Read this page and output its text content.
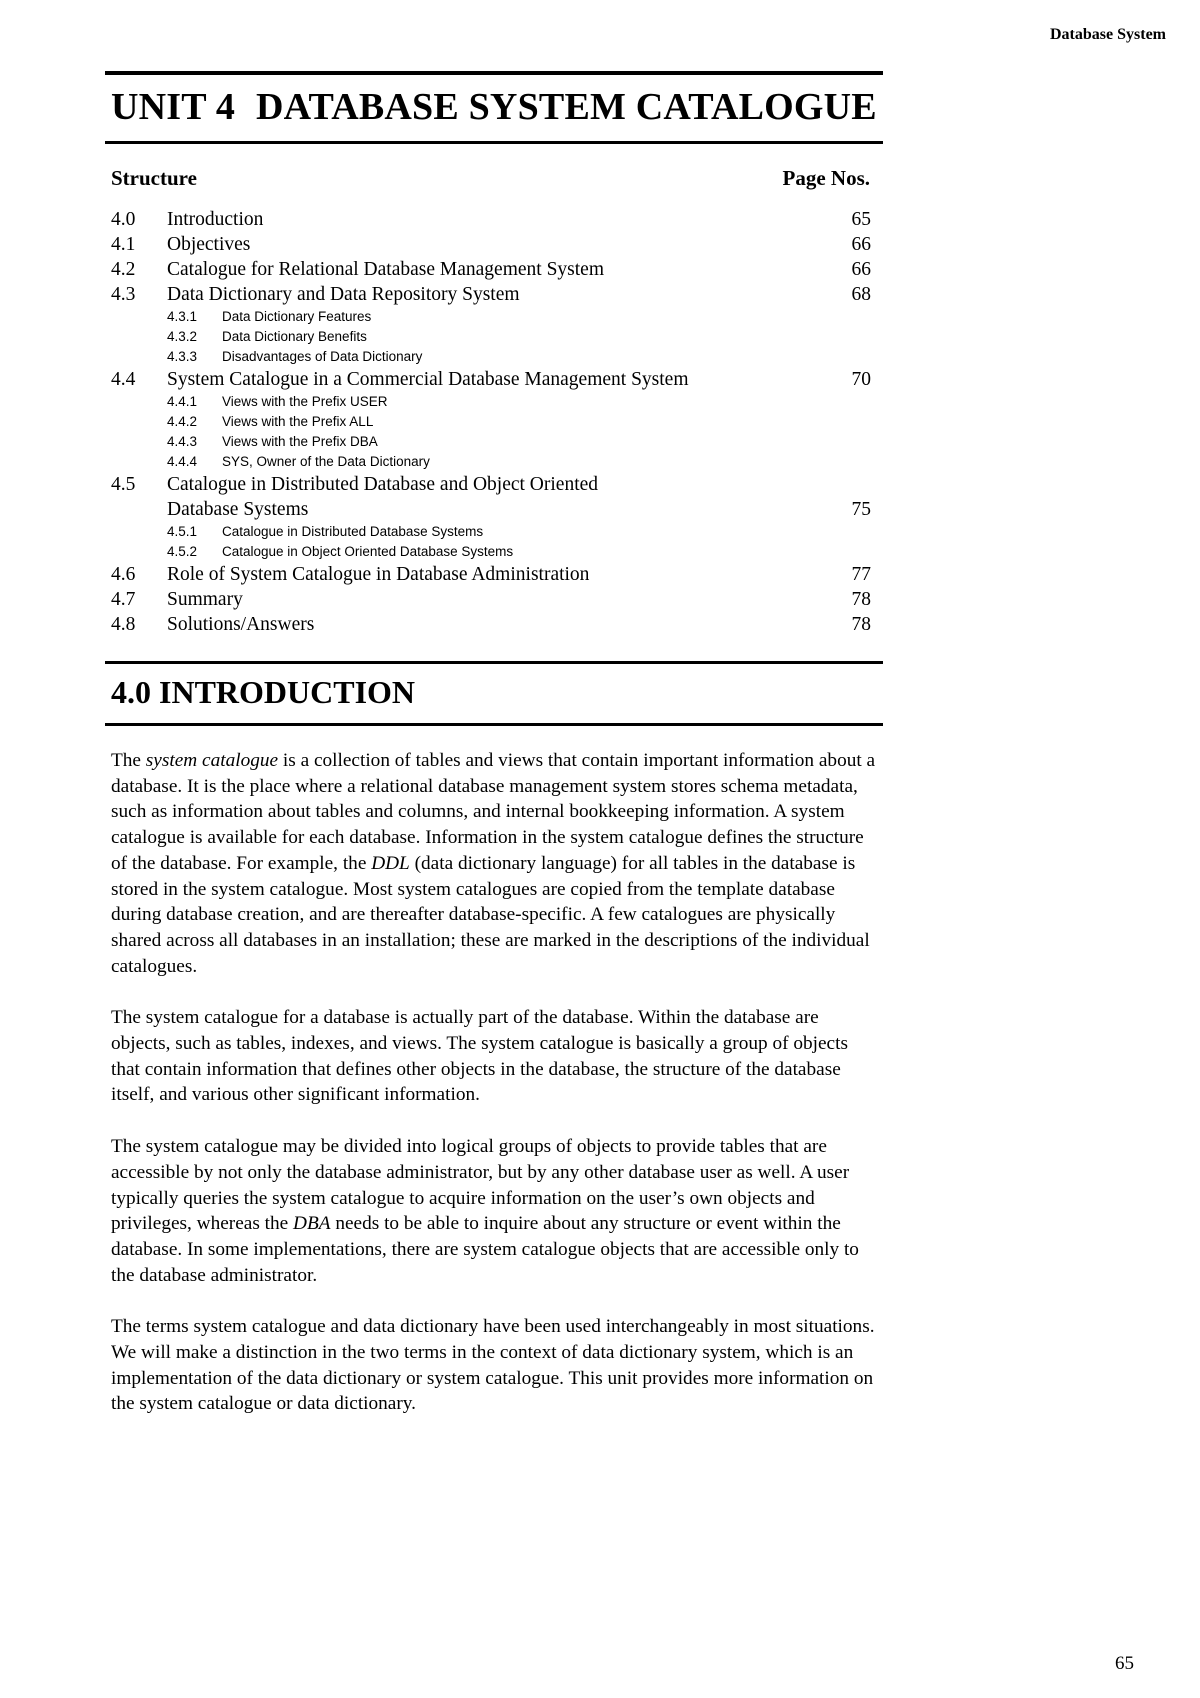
Database System
UNIT 4 DATABASE SYSTEM CATALOGUE
Structure	Page Nos.
4.0	Introduction	65
4.1	Objectives	66
4.2	Catalogue for Relational Database Management System	66
4.3	Data Dictionary and Data Repository System	68
4.3.1	Data Dictionary Features
4.3.2	Data Dictionary Benefits
4.3.3	Disadvantages of Data Dictionary
4.4	System Catalogue in a Commercial Database Management System	70
4.4.1	Views with the Prefix USER
4.4.2	Views with the Prefix ALL
4.4.3	Views with the Prefix DBA
4.4.4	SYS, Owner of the Data Dictionary
4.5	Catalogue in Distributed Database and Object Oriented
Database Systems	75
4.5.1	Catalogue in Distributed Database Systems
4.5.2	Catalogue in Object Oriented Database Systems
4.6	Role of System Catalogue in Database Administration	77
4.7	Summary	78
4.8	Solutions/Answers	78
4.0 INTRODUCTION

The system catalogue is a collection of tables and views that contain important information about a database. It is the place where a relational database management system stores schema metadata, such as information about tables and columns, and internal bookkeeping information. A system catalogue is available for each database. Information in the system catalogue defines the structure of the database. For example, the DDL (data dictionary language) for all tables in the database is stored in the system catalogue. Most system catalogues are copied from the template database during database creation, and are thereafter database-specific. A few catalogues are physically shared across all databases in an installation; these are marked in the descriptions of the individual catalogues.

The system catalogue for a database is actually part of the database. Within the database are objects, such as tables, indexes, and views. The system catalogue is basically a group of objects that contain information that defines other objects in the database, the structure of the database itself, and various other significant information.

The system catalogue may be divided into logical groups of objects to provide tables that are accessible by not only the database administrator, but by any other database user as well. A user typically queries the system catalogue to acquire information on the user’s own objects and privileges, whereas the DBA needs to be able to inquire about any structure or event within the database. In some implementations, there are system catalogue objects that are accessible only to the database administrator.

The terms system catalogue and data dictionary have been used interchangeably in most situations. We will make a distinction in the two terms in the context of data dictionary system, which is an implementation of the data dictionary or system catalogue. This unit provides more information on the system catalogue or data dictionary.

65
